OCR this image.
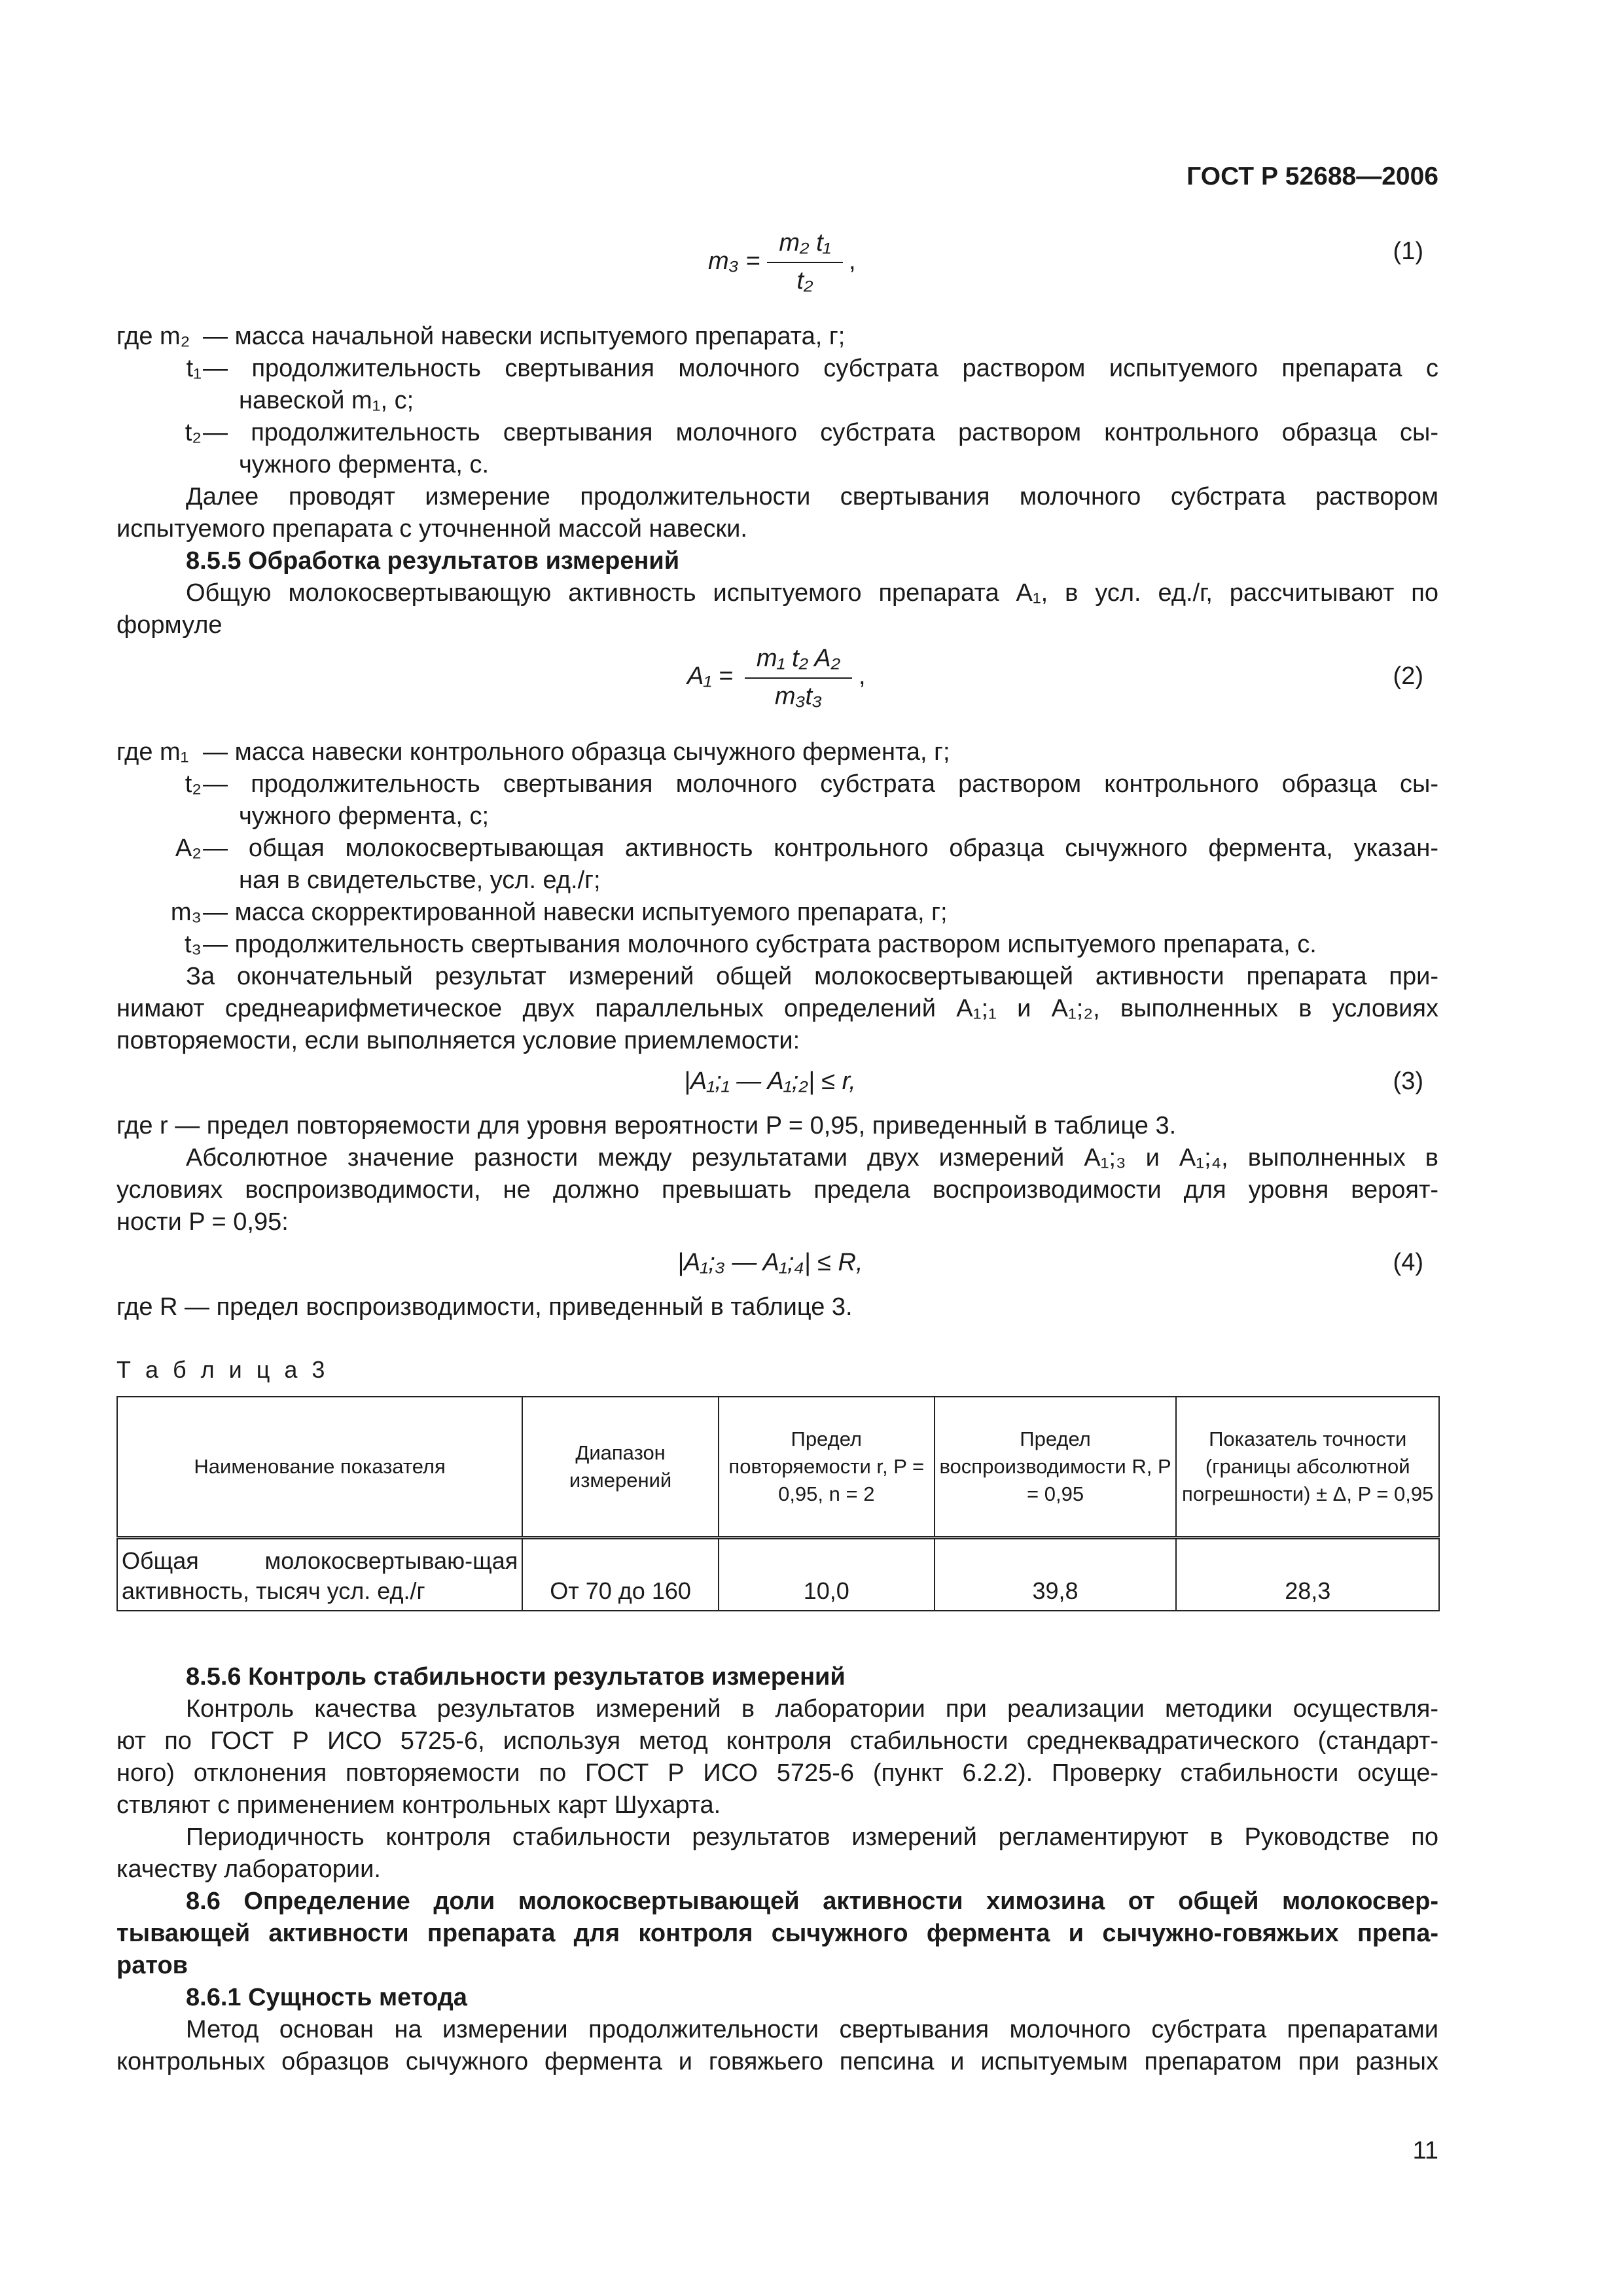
ГОСТ Р 52688—2006
m₃ =
m₂ t₁
t₂
,	(1)
где m₂ — масса начальной навески испытуемого препарата, г;
t₁ — продолжительность свертывания молочного субстрата раствором испытуемого препарата с
навеской m₁, с;
t₂ — продолжительность свертывания молочного субстрата раствором контрольного образца сы-
чужного фермента, с.
Далее проводят измерение продолжительности свертывания молочного субстрата раствором
испытуемого препарата с уточненной массой навески.
8.5.5 Обработка результатов измерений
Общую молокосвертывающую активность испытуемого препарата A₁, в усл. ед./г, рассчитывают по
формуле
A₁ =
m₁ t₂ A₂
m₃t₃
,	(2)
где m₁ — масса навески контрольного образца сычужного фермента, г;
t₂ — продолжительность свертывания молочного субстрата раствором контрольного образца сы-
чужного фермента, с;
A₂ — общая молокосвертывающая активность контрольного образца сычужного фермента, указан-
ная в свидетельстве, усл. ед./г;
m₃ — масса скорректированной навески испытуемого препарата, г;
t₃ — продолжительность свертывания молочного субстрата раствором испытуемого препарата, с.
За окончательный результат измерений общей молокосвертывающей активности препарата при-
нимают среднеарифметическое двух параллельных определений A₁;₁ и A₁;₂, выполненных в условиях
повторяемости, если выполняется условие приемлемости:
|A₁;₁ — A₁;₂| ≤ r,	(3)
где r — предел повторяемости для уровня вероятности P = 0,95, приведенный в таблице 3.
Абсолютное значение разности между результатами двух измерений A₁;₃ и A₁;₄, выполненных в
условиях воспроизводимости, не должно превышать предела воспроизводимости для уровня вероят-
ности P = 0,95:
|A₁;₃ — A₁;₄| ≤ R,	(4)
где R — предел воспроизводимости, приведенный в таблице 3.
Т а б л и ц а 3
Наименование показателя	Диапазон измерений	Предел повторяемости r, P = 0,95, n = 2	Предел воспроизводимости R, P = 0,95	Показатель точности (границы абсолютной погрешности) ± Δ, P = 0,95
Общая молокосвертываю-щая активность, тысяч усл. ед./г	От 70 до 160	10,0	39,8	28,3
8.5.6 Контроль стабильности результатов измерений
Контроль качества результатов измерений в лаборатории при реализации методики осуществля-
ют по ГОСТ Р ИСО 5725-6, используя метод контроля стабильности среднеквадратического (стандарт-
ного) отклонения повторяемости по ГОСТ Р ИСО 5725-6 (пункт 6.2.2). Проверку стабильности осуще-
ствляют с применением контрольных карт Шухарта.
Периодичность контроля стабильности результатов измерений регламентируют в Руководстве по
качеству лаборатории.
8.6 Определение доли молокосвертывающей активности химозина от общей молокосвер-
тывающей активности препарата для контроля сычужного фермента и сычужно-говяжьих препа-
ратов
8.6.1 Сущность метода
Метод основан на измерении продолжительности свертывания молочного субстрата препаратами
контрольных образцов сычужного фермента и говяжьего пепсина и испытуемым препаратом при разных
11
